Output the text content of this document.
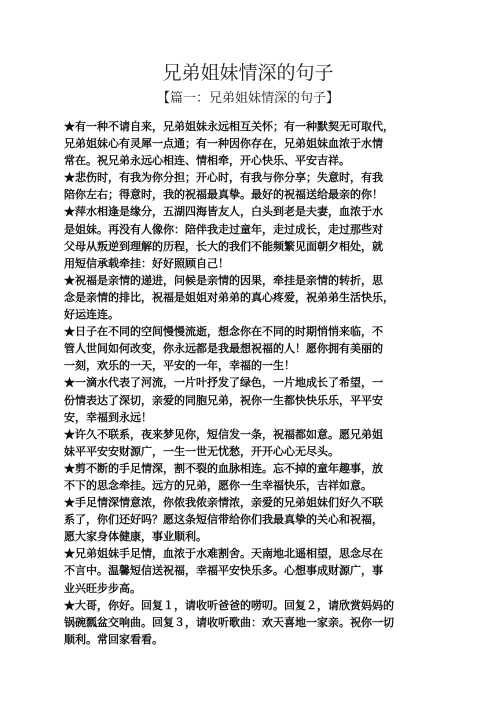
兄弟姐妹情深的句子
【篇一：兄弟姐妹情深的句子】
★有一种不请自来，兄弟姐妹永远相互关怀；有一种默契无可取代，
兄弟姐妹心有灵犀一点通；有一种因你存在，兄弟姐妹血浓于水情
常在。祝兄弟永远心相连、情相牵，开心快乐、平安吉祥。
★悲伤时，有我为你分担；开心时，有我与你分享；失意时，有我
陪你左右；得意时，我的祝福最真挚。最好的祝福送给最亲的你！
★萍水相逢是缘分，五湖四海皆友人，白头到老是夫妻，血浓于水
是姐妹。再没有人像你：陪伴我走过童年，走过成长，走过那些对
父母从叛逆到理解的历程，长大的我们不能频繁见面朝夕相处，就
用短信承载牵挂：好好照顾自己！
★祝福是亲情的递进，问候是亲情的因果，牵挂是亲情的转折，思
念是亲情的排比，祝福是姐姐对弟弟的真心疼爱，祝弟弟生活快乐，
好运连连。
★日子在不同的空间慢慢流逝，想念你在不同的时期悄悄来临，不
管人世间如何改变，你永远都是我最想祝福的人！愿你拥有美丽的
一刻，欢乐的一天，平安的一年，幸福的一生！
★一滴水代表了河流，一片叶抒发了绿色，一片地成长了希望，一
份情表达了深切，亲爱的同胞兄弟，祝你一生都快快乐乐，平平安
安，幸福到永远！
★许久不联系，夜来梦见你，短信发一条，祝福都如意。愿兄弟姐
妹平平安安财源广，一生一世无忧愁，开开心心无尽头。
★剪不断的手足情深，割不裂的血脉相连。忘不掉的童年趣事，放
不下的思念牵挂。远方的兄弟，愿你一生幸福快乐，吉祥如意。
★手足情深情意浓，你侬我侬亲情浓，亲爱的兄弟姐妹们好久不联
系了，你们还好吗？愿这条短信带给你们我最真挚的关心和祝福，
愿大家身体健康，事业顺利。
★兄弟姐妹手足情，血浓于水难割舍。天南地北遥相望，思念尽在
不言中。温馨短信送祝福，幸福平安快乐多。心想事成财源广，事
业兴旺步步高。
★大哥，你好。回复１，请收听爸爸的唠叨。回复２，请欣赏妈妈的
锅碗瓢盆交响曲。回复３，请收听歌曲：欢天喜地一家亲。祝你一切
顺利。常回家看看。
